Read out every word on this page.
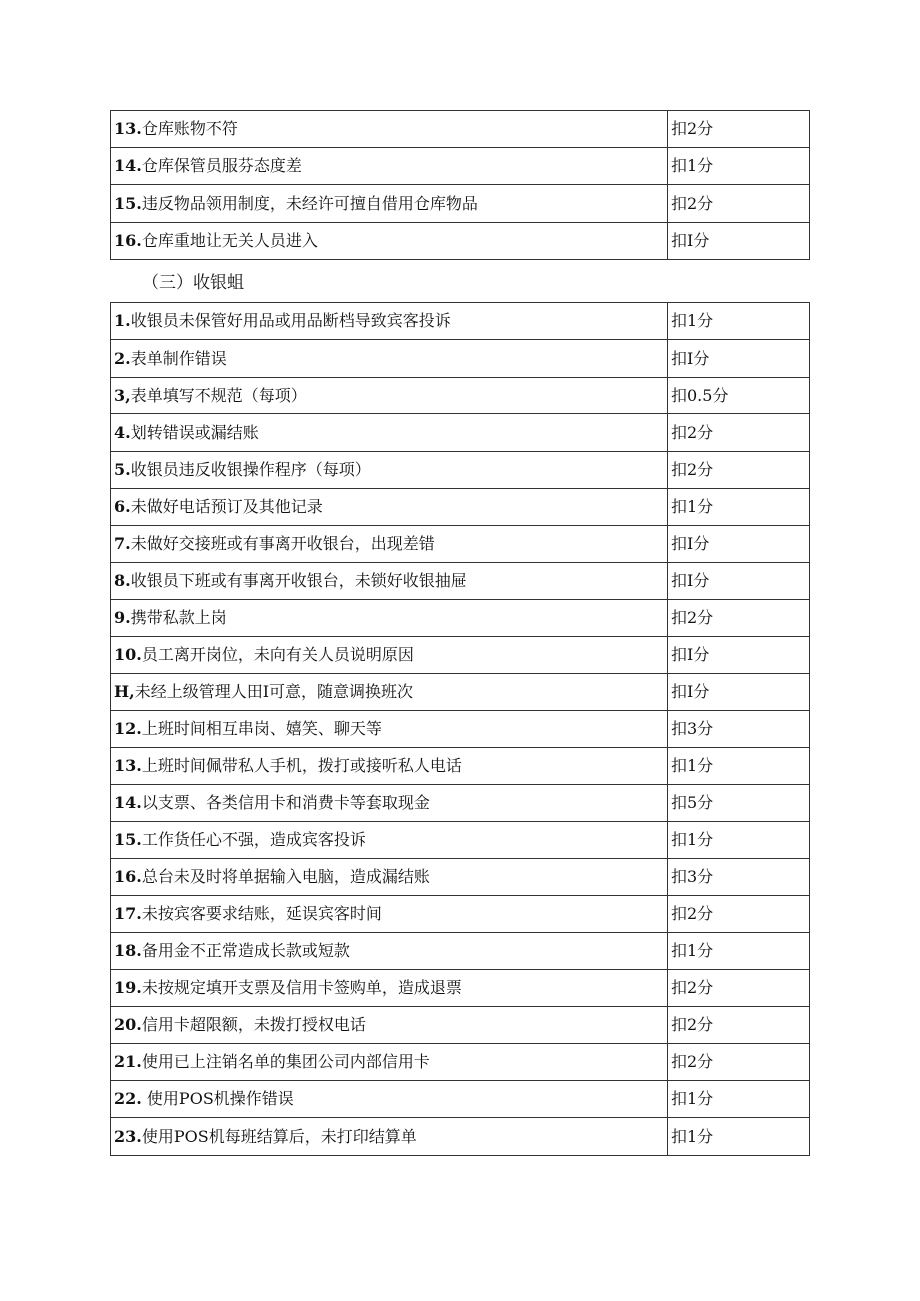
13.仓库账物不符	扣2分
14.仓库保管员服芬态度差	扣1分
15.违反物品领用制度，未经许可擅自借用仓库物品	扣2分
16.仓库重地让无关人员进入	扣I分
（三）收银蛆
1.收银员未保管好用品或用品断档导致宾客投诉	扣1分
2.表单制作错误	扣I分
3,表单填写不规范（每项）	扣0.5分
4.划转错误或漏结账	扣2分
5.收银员违反收银操作程序（每项）	扣2分
6.未做好电话预订及其他记录	扣1分
7.未做好交接班或有事离开收银台，出现差错	扣I分
8.收银员下班或有事离开收银台，未锁好收银抽屉	扣I分
9.携带私款上岗	扣2分
10.员工离开岗位，未向有关人员说明原因	扣I分
H,未经上级管理人田I可意，随意调换班次	扣I分
12.上班时间相互串岗、嬉笑、聊天等	扣3分
13.上班时间佩带私人手机，拨打或接听私人电话	扣1分
14.以支票、各类信用卡和消费卡等套取现金	扣5分
15.工作货任心不强，造成宾客投诉	扣1分
16.总台未及时将单据输入电脑，造成漏结账	扣3分
17.未按宾客要求结账，延误宾客时间	扣2分
18.备用金不正常造成长款或短款	扣1分
19.未按规定填开支票及信用卡签购单，造成退票	扣2分
20.信用卡超限额，未拨打授权电话	扣2分
21.使用已上注销名单的集团公司内部信用卡	扣2分
22. 使用POS机操作错误	扣1分
23.使用POS机每班结算后，未打印结算单	扣1分
